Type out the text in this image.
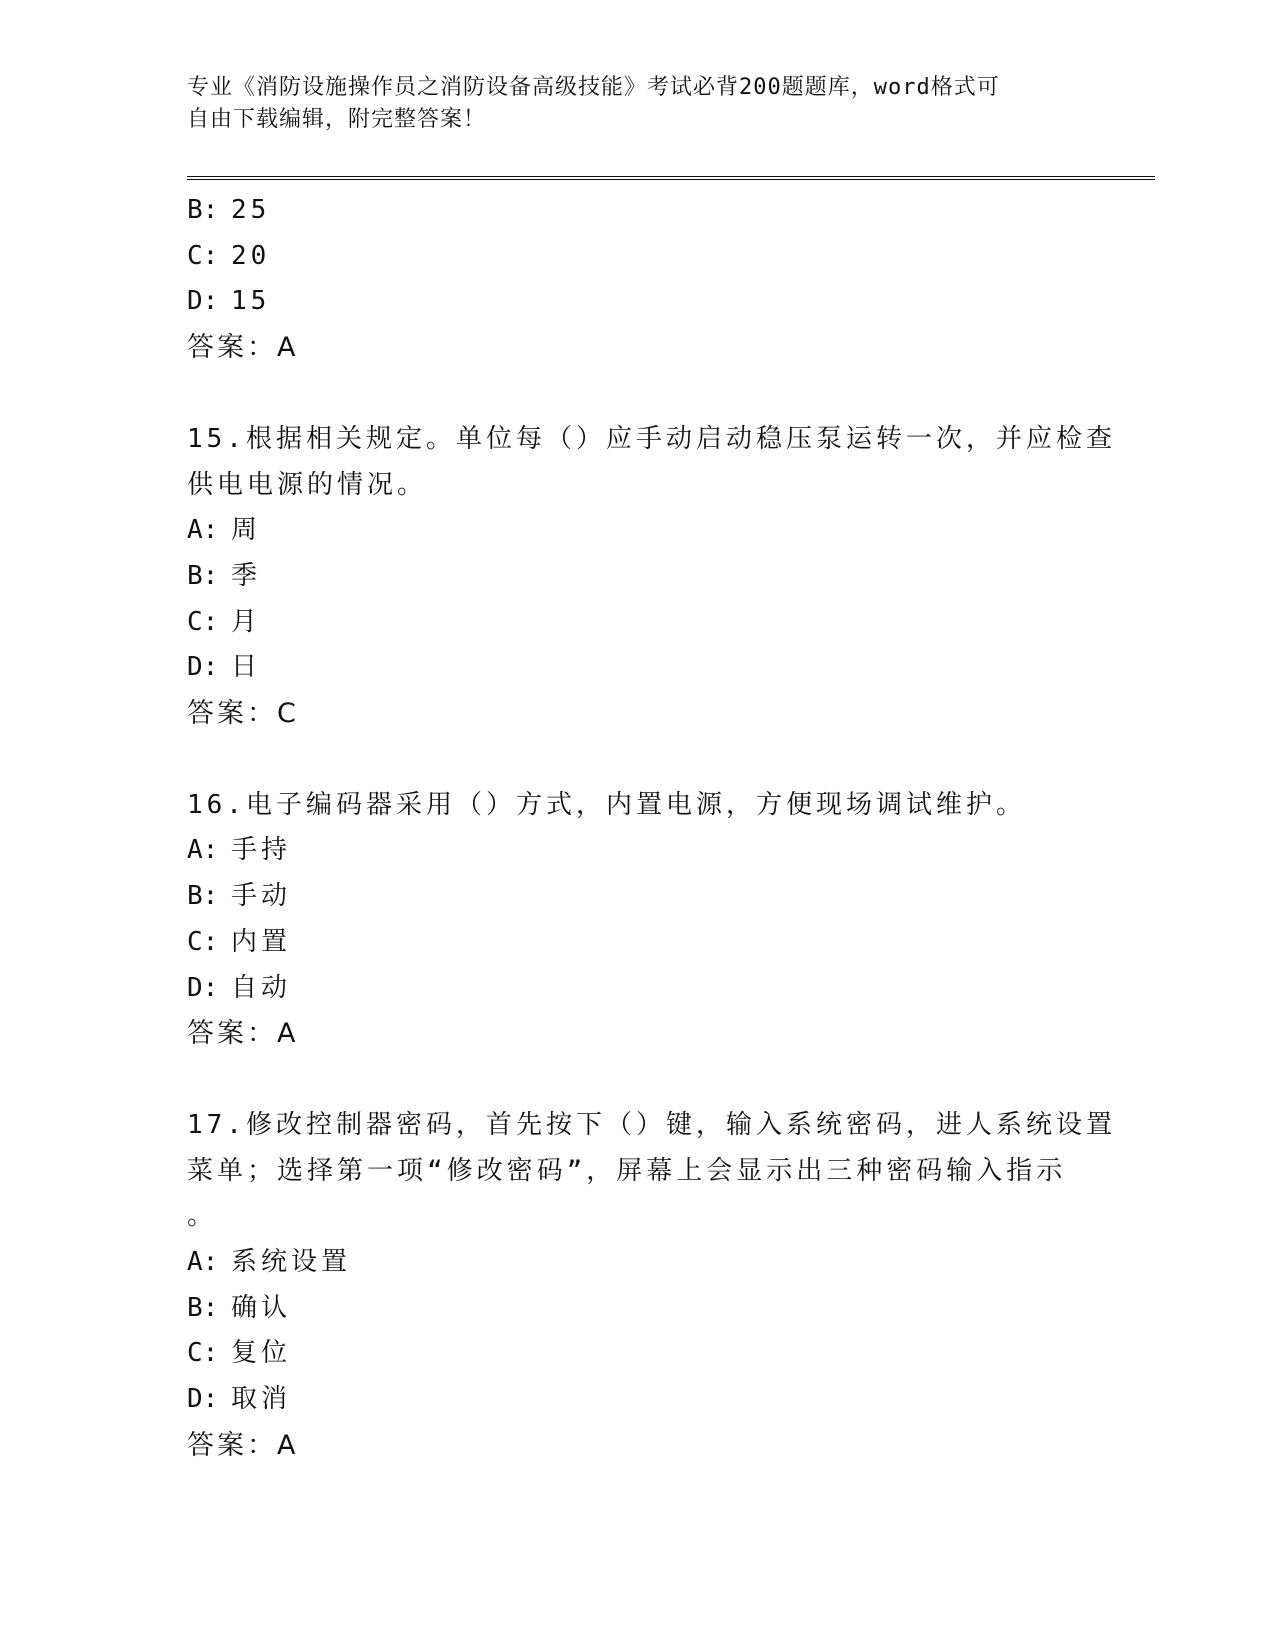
专业《消防设施操作员之消防设备高级技能》考试必背200题题库，word格式可
自由下载编辑，附完整答案！
B: 25
C: 20
D: 15
答案：A
15.根据相关规定。单位每（）应手动启动稳压泵运转一次，并应检查
供电电源的情况。
A: 周
B: 季
C: 月
D: 日
答案：C
16.电子编码器采用（）方式，内置电源，方便现场调试维护。
A: 手持
B: 手动
C: 内置
D: 自动
答案：A
17.修改控制器密码，首先按下（）键，输入系统密码，进人系统设置
菜单；选择第一项“修改密码”，屏幕上会显示出三种密码输入指示
。
A: 系统设置
B: 确认
C: 复位
D: 取消
答案：A
